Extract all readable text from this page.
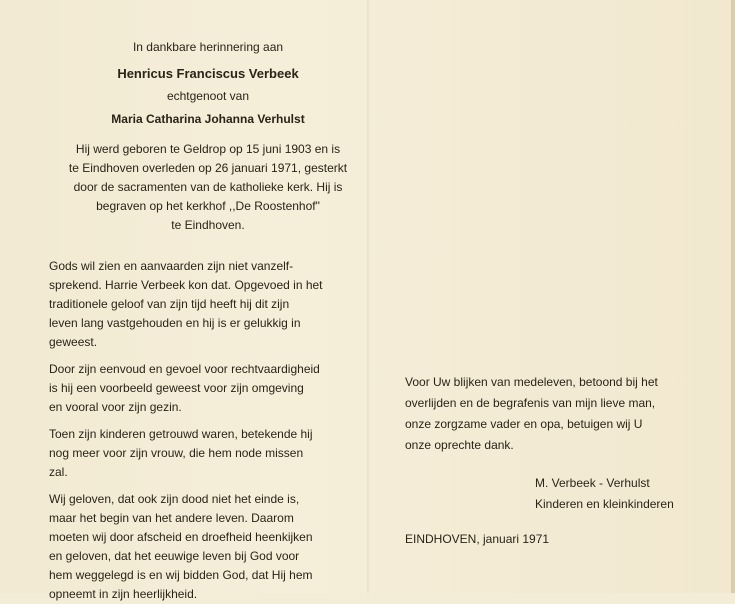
In dankbare herinnering aan

Henricus Franciscus Verbeek

echtgenoot van

Maria Catharina Johanna Verhulst

Hij werd geboren te Geldrop op 15 juni 1903 en is
te Eindhoven overleden op 26 januari 1971, gesterkt
door de sacramenten van de katholieke kerk. Hij is
begraven op het kerkhof ,,De Roostenhof"
te Eindhoven.
Gods wil zien en aanvaarden zijn niet vanzelf-
sprekend. Harrie Verbeek kon dat. Opgevoed in het
traditionele geloof van zijn tijd heeft hij dit zijn
leven lang vastgehouden en hij is er gelukkig in
geweest.
Door zijn eenvoud en gevoel voor rechtvaardigheid
is hij een voorbeeld geweest voor zijn omgeving
en vooral voor zijn gezin.
Toen zijn kinderen getrouwd waren, betekende hij
nog meer voor zijn vrouw, die hem node missen
zal.
Wij geloven, dat ook zijn dood niet het einde is,
maar het begin van het andere leven. Daarom
moeten wij door afscheid en droefheid heenkijken
en geloven, dat het eeuwige leven bij God voor
hem weggelegd is en wij bidden God, dat Hij hem
opneemt in zijn heerlijkheid.
Voor Uw blijken van medeleven, betoond bij het
overlijden en de begrafenis van mijn lieve man,
onze zorgzame vader en opa, betuigen wij U
onze oprechte dank.
M. Verbeek - Verhulst
Kinderen en kleinkinderen
EINDHOVEN, januari 1971
